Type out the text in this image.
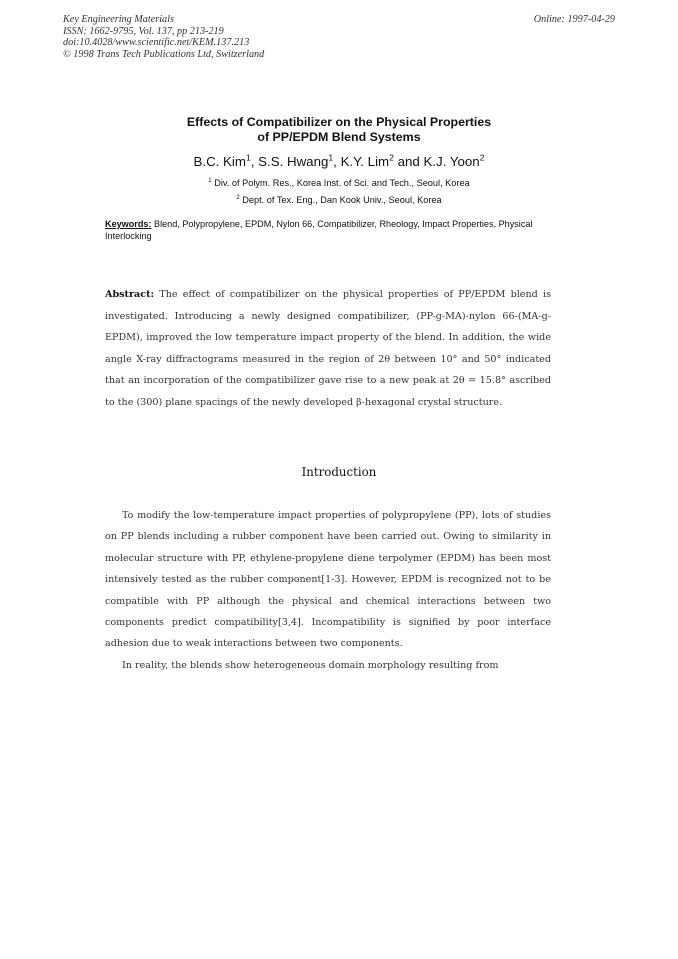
Key Engineering Materials
ISSN: 1662-9795, Vol. 137, pp 213-219
doi:10.4028/www.scientific.net/KEM.137.213
© 1998 Trans Tech Publications Ltd, Switzerland
Online: 1997-04-29
Effects of Compatibilizer on the Physical Properties
of PP/EPDM Blend Systems
B.C. Kim$^1$, S.S. Hwang$^1$, K.Y. Lim$^2$ and K.J. Yoon$^2$
$^1$ Div. of Polym. Res., Korea Inst. of Sci. and Tech., Seoul, Korea
$^2$ Dept. of Tex. Eng., Dan Kook Univ., Seoul, Korea
Keywords: Blend, Polypropylene, EPDM, Nylon 66, Compatibilizer, Rheology, Impact Properties, Physical Interlocking
Abstract: The effect of compatibilizer on the physical properties of PP/EPDM blend is investigated. Introducing a newly designed compatibilizer, (PP-g-MA)-nylon 66-(MA-g-EPDM), improved the low temperature impact property of the blend. In addition, the wide angle X-ray diffractograms measured in the region of 2θ between 10° and 50° indicated that an incorporation of the compatibilizer gave rise to a new peak at 2θ = 15.8° ascribed to the (300) plane spacings of the newly developed β-hexagonal crystal structure.
Introduction

To modify the low-temperature impact properties of polypropylene (PP), lots of studies on PP blends including a rubber component have been carried out. Owing to similarity in molecular structure with PP, ethylene-propylene diene terpolymer (EPDM) has been most intensively tested as the rubber component[1-3]. However, EPDM is recognized not to be compatible with PP although the physical and chemical interactions between two components predict compatibility[3,4]. Incompatibility is signified by poor interface adhesion due to weak interactions between two components.

In reality, the blends show heterogeneous domain morphology resulting from
